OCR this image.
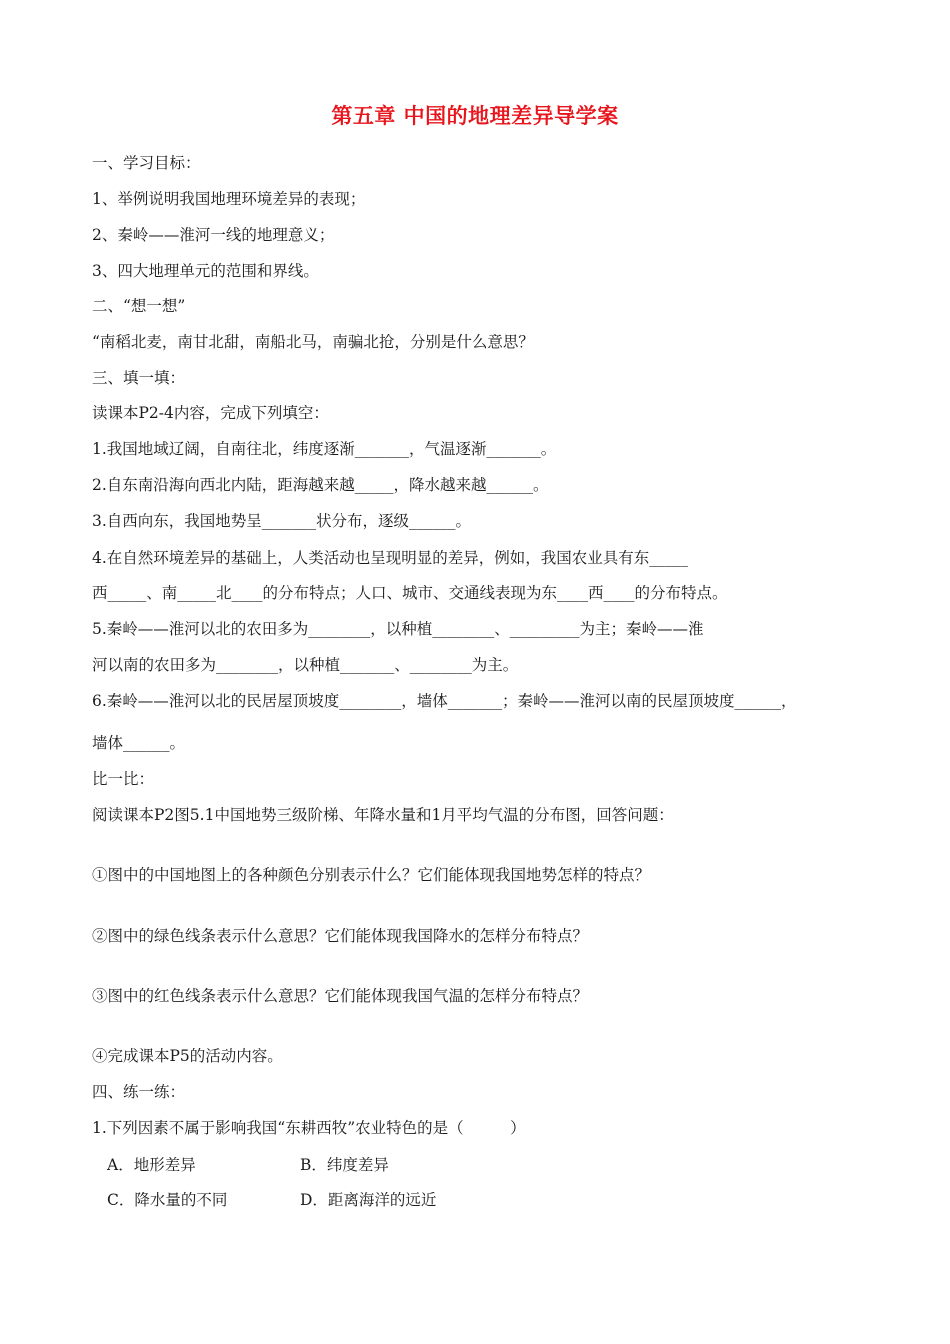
第五章 中国的地理差异导学案
一、学习目标：
1、举例说明我国地理环境差异的表现；
2、秦岭——淮河一线的地理意义；
3、四大地理单元的范围和界线。
二、“想一想”
“南稻北麦，南甘北甜，南船北马，南骗北抢，分别是什么意思？
三、填一填：
读课本P2-4内容，完成下列填空：
1.我国地域辽阔，自南往北，纬度逐渐_______，气温逐渐_______。
2.自东南沿海向西北内陆，距海越来越_____，降水越来越______。
3.自西向东，我国地势呈_______状分布，逐级______。
4.在自然环境差异的基础上，人类活动也呈现明显的差异，例如，我国农业具有东_____
西_____、南_____北____的分布特点；人口、城市、交通线表现为东____西____的分布特点。
5.秦岭——淮河以北的农田多为________，以种植________、_________为主；秦岭——淮
河以南的农田多为________，以种植_______、________为主。
6.秦岭——淮河以北的民居屋顶坡度________，墙体_______；秦岭——淮河以南的民屋顶坡度______，
墙体______。
比一比：
阅读课本P2图5.1中国地势三级阶梯、年降水量和1月平均气温的分布图，回答问题：
①图中的中国地图上的各种颜色分别表示什么？它们能体现我国地势怎样的特点？
②图中的绿色线条表示什么意思？它们能体现我国降水的怎样分布特点？
③图中的红色线条表示什么意思？它们能体现我国气温的怎样分布特点？
④完成课本P5的活动内容。
四、练一练：
1.下列因素不属于影响我国“东耕西牧”农业特色的是（　　　）
A．地形差异	B．纬度差异
C．降水量的不同	D．距离海洋的远近
